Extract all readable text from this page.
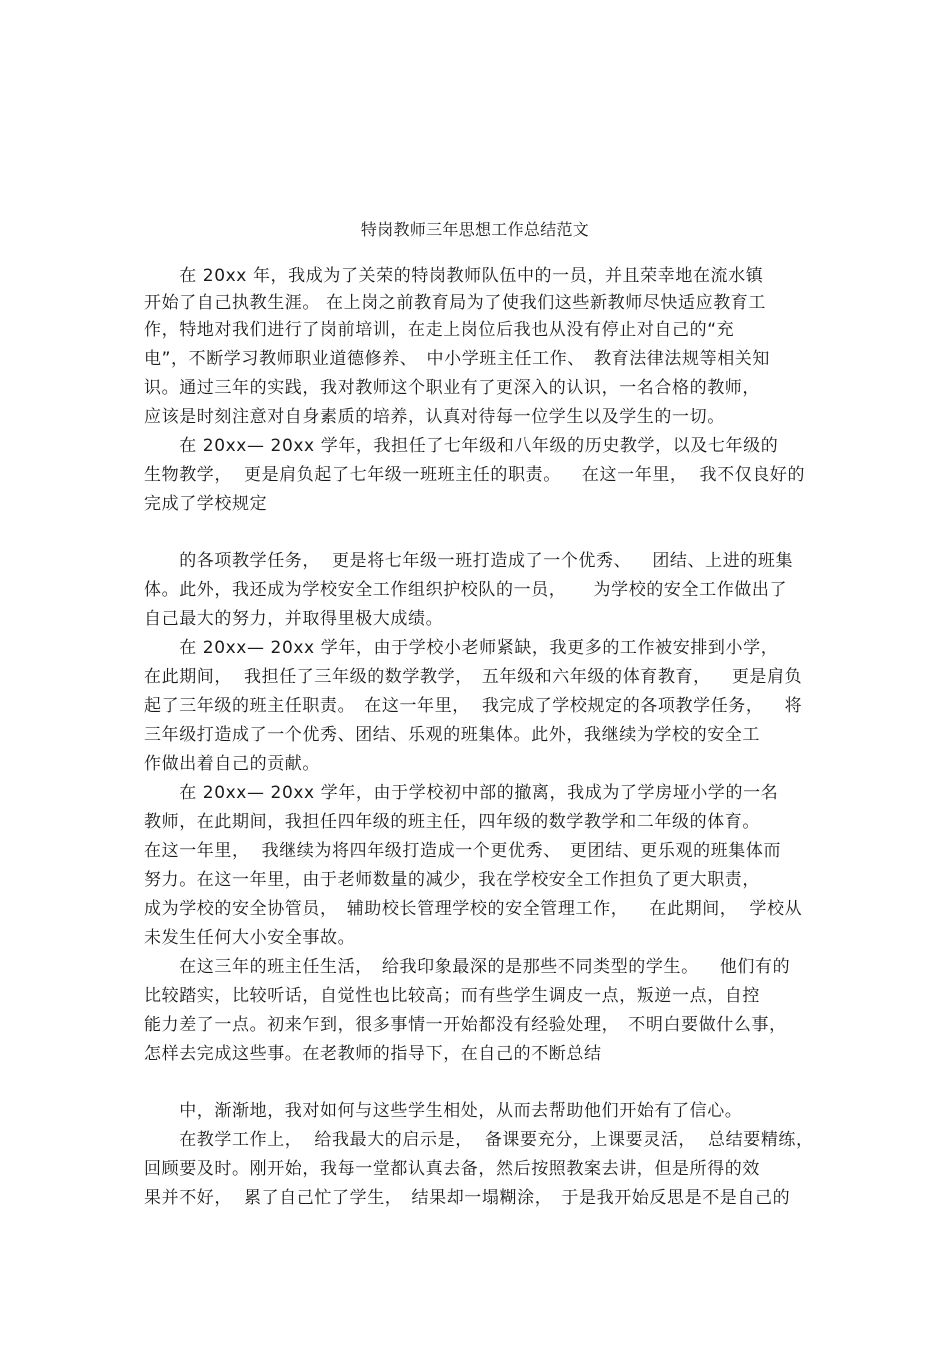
特岗教师三年思想工作总结范文
　　在 20xx 年，我成为了关荣的特岗教师队伍中的一员，并且荣幸地在流水镇
开始了自己执教生涯。 在上岗之前教育局为了使我们这些新教师尽快适应教育工
作，特地对我们进行了岗前培训，在走上岗位后我也从没有停止对自己的“充
电”，不断学习教师职业道德修养、　中小学班主任工作、　教育法律法规等相关知
识。通过三年的实践，我对教师这个职业有了更深入的认识，一名合格的教师，
应该是时刻注意对自身素质的培养，认真对待每一位学生以及学生的一切。
　　在 20xx— 20xx 学年，我担任了七年级和八年级的历史教学，以及七年级的
生物教学，  更是肩负起了七年级一班班主任的职责。　  在这一年里，  我不仅良好的
完成了学校规定
　　的各项教学任务，  更是将七年级一班打造成了一个优秀、　  团结、上进的班集
体。此外，我还成为学校安全工作组织护校队的一员，　   为学校的安全工作做出了
自己最大的努力，并取得里极大成绩。
　　在 20xx— 20xx 学年，由于学校小老师紧缺，我更多的工作被安排到小学，
在此期间，  我担任了三年级的数学教学，　五年级和六年级的体育教育，　  更是肩负
起了三年级的班主任职责。　在这一年里，  我完成了学校规定的各项教学任务，　  将
三年级打造成了一个优秀、团结、乐观的班集体。此外，我继续为学校的安全工
作做出着自己的贡献。
　　在 20xx— 20xx 学年，由于学校初中部的撤离，我成为了学房垭小学的一名
教师，在此期间，我担任四年级的班主任，四年级的数学教学和二年级的体育。
在这一年里，  我继续为将四年级打造成一个更优秀、　更团结、更乐观的班集体而
努力。在这一年里，由于老师数量的减少，我在学校安全工作担负了更大职责，
成为学校的安全协管员，　辅助校长管理学校的安全管理工作，　  在此期间，  学校从
未发生任何大小安全事故。
　　在这三年的班主任生活，　给我印象最深的是那些不同类型的学生。　  他们有的
比较踏实，比较听话，自觉性也比较高；而有些学生调皮一点，叛逆一点，自控
能力差了一点。初来乍到，很多事情一开始都没有经验处理，　不明白要做什么事，
怎样去完成这些事。在老教师的指导下，在自己的不断总结
　　中，渐渐地，我对如何与这些学生相处，从而去帮助他们开始有了信心。
　　在教学工作上，  给我最大的启示是，  备课要充分，上课要灵活，  总结要精练，
回顾要及时。刚开始，我每一堂都认真去备，然后按照教案去讲，但是所得的效
果并不好，  累了自己忙了学生，　结果却一塌糊涂，　于是我开始反思是不是自己的
